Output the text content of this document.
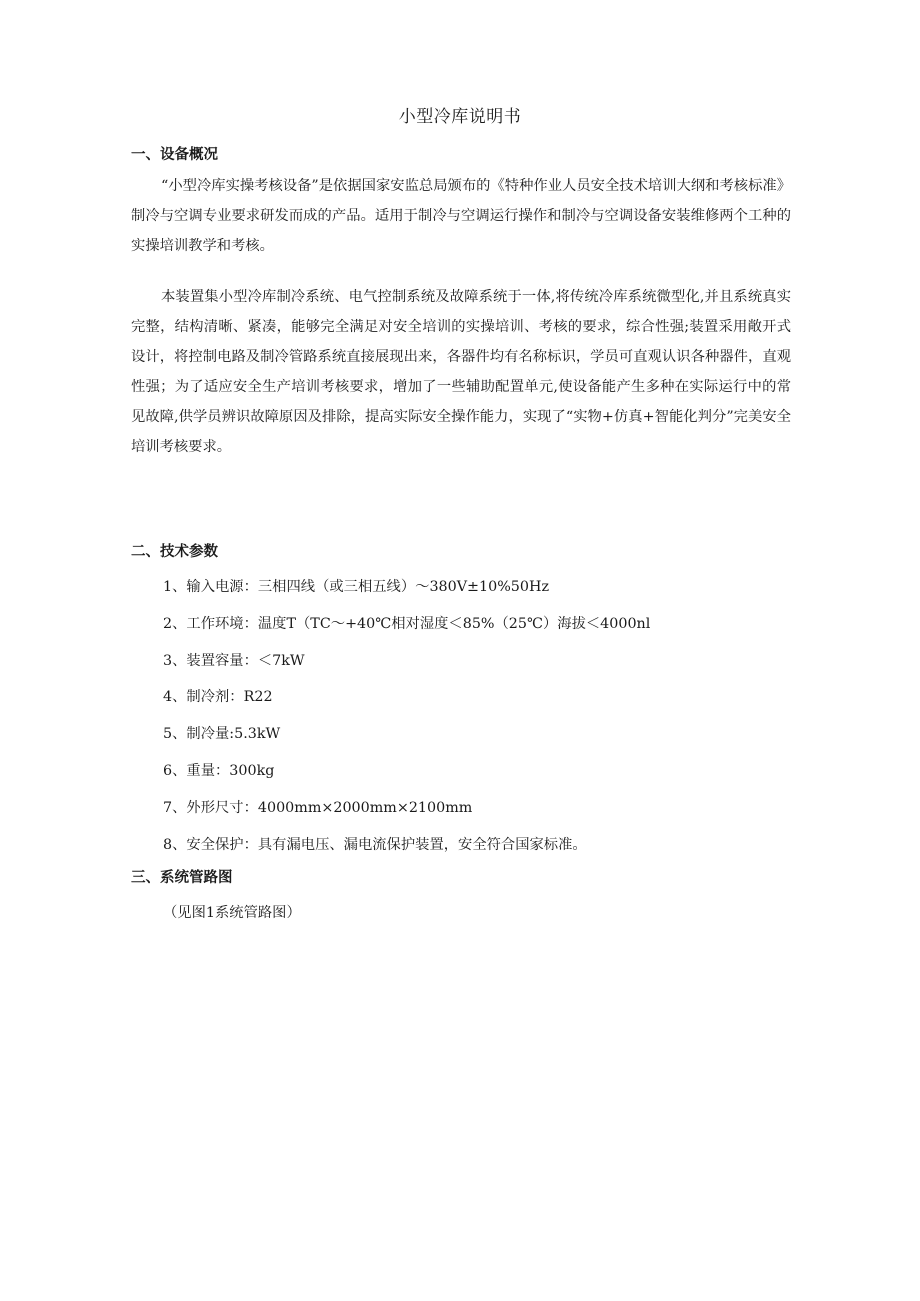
小型冷库说明书
一、设备概况

“小型冷库实操考核设备”是依据国家安监总局颁布的《特种作业人员安全技术培训大纲和考核标准》制冷与空调专业要求研发而成的产品。适用于制冷与空调运行操作和制冷与空调设备安装维修两个工种的实操培训教学和考核。

本装置集小型冷库制冷系统、电气控制系统及故障系统于一体,将传统冷库系统微型化,并且系统真实完整，结构清晰、紧凑，能够完全满足对安全培训的实操培训、考核的要求，综合性强;装置采用敞开式设计，将控制电路及制冷管路系统直接展现出来，各器件均有名称标识，学员可直观认识各种器件，直观性强；为了适应安全生产培训考核要求，增加了一些辅助配置单元,使设备能产生多种在实际运行中的常见故障,供学员辨识故障原因及排除，提高实际安全操作能力，实现了“实物+仿真+智能化判分”完美安全培训考核要求。

二、技术参数
1、输入电源：三相四线（或三相五线）～380V±10%50Hz
2、工作环境：温度T（TC～+40℃相对湿度＜85%（25℃）海拔＜4000nl
3、装置容量：＜7kW
4、制冷剂：R22
5、制冷量:5.3kW
6、重量：300kg
7、外形尺寸：4000mm×2000mm×2100mm
8、安全保护：具有漏电压、漏电流保护装置，安全符合国家标准。
三、系统管路图
（见图1系统管路图）
